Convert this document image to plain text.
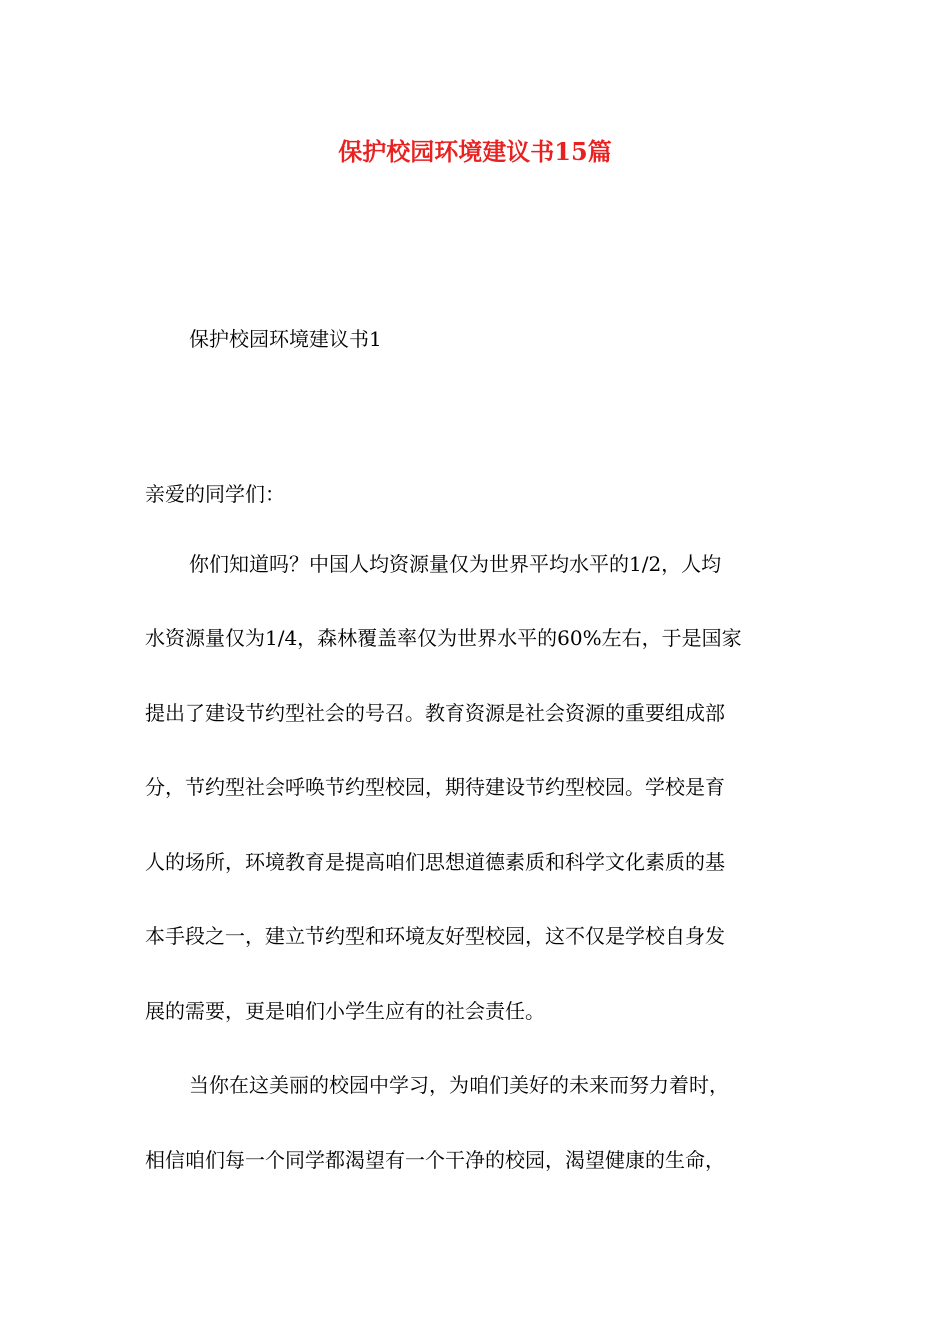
保护校园环境建议书15篇
保护校园环境建议书1
亲爱的同学们：
你们知道吗？中国人均资源量仅为世界平均水平的1/2，人均
水资源量仅为1/4，森林覆盖率仅为世界水平的60%左右，于是国家
提出了建设节约型社会的号召。教育资源是社会资源的重要组成部
分，节约型社会呼唤节约型校园，期待建设节约型校园。学校是育
人的场所，环境教育是提高咱们思想道德素质和科学文化素质的基
本手段之一，建立节约型和环境友好型校园，这不仅是学校自身发
展的需要，更是咱们小学生应有的社会责任。
当你在这美丽的校园中学习，为咱们美好的未来而努力着时，
相信咱们每一个同学都渴望有一个干净的校园，渴望健康的生命，
